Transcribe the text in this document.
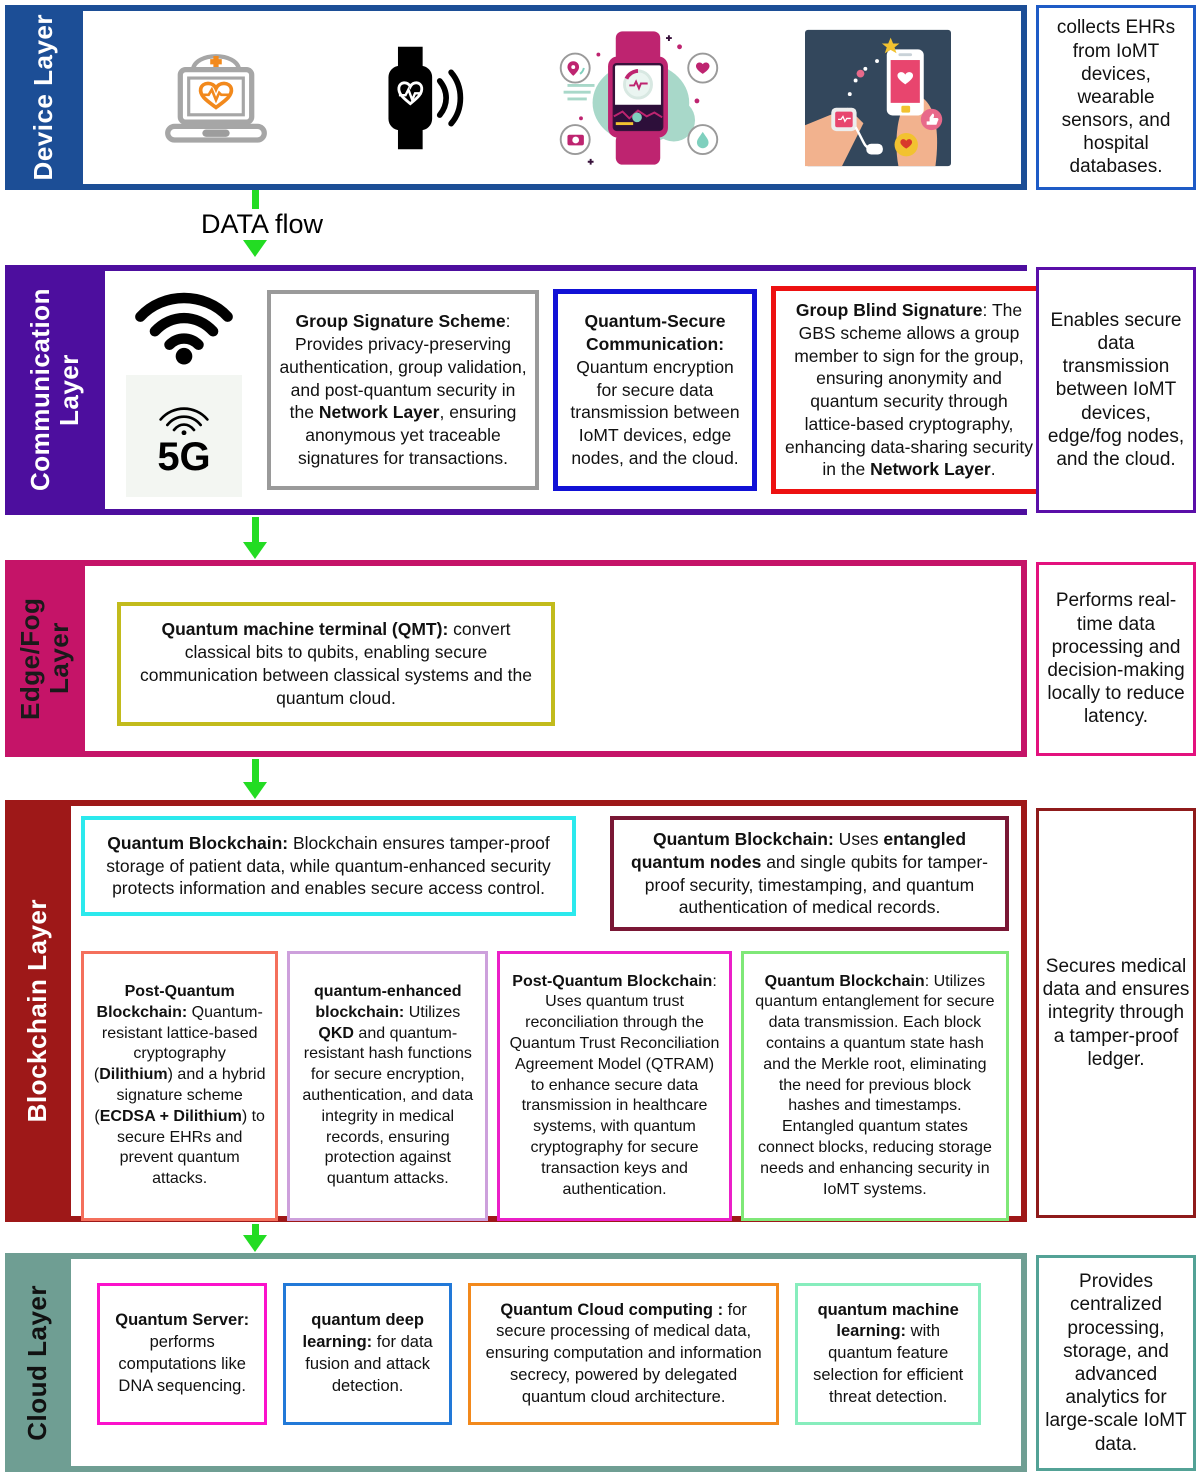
Device Layer
DATA flow
Communication Layer
5G
Group Signature Scheme: Provides privacy-preserving authentication, group validation, and post-quantum security in the Network Layer, ensuring anonymous yet traceable signatures for transactions.
Quantum-Secure Communication: Quantum encryption for secure data transmission between IoMT devices, edge nodes, and the cloud.
Group Blind Signature: The GBS scheme allows a group member to sign for the group, ensuring anonymity and quantum security through lattice-based cryptography, enhancing data-sharing security in the Network Layer.
Edge/Fog Layer	Quantum machine terminal (QMT): convert classical bits to qubits, enabling secure communication between classical systems and the quantum cloud.
Blockchain Layer
Quantum Blockchain: Blockchain ensures tamper-proof storage of patient data, while quantum-enhanced security protects information and enables secure access control.
Quantum Blockchain: Uses entangled quantum nodes and single qubits for tamper-proof security, timestamping, and quantum authentication of medical records.
Post-Quantum Blockchain: Quantum-resistant lattice-based cryptography (Dilithium) and a hybrid signature scheme (ECDSA + Dilithium) to secure EHRs and prevent quantum attacks.
quantum-enhanced blockchain: Utilizes QKD and quantum-resistant hash functions for secure encryption, authentication, and data integrity in medical records, ensuring protection against quantum attacks.
Post-Quantum Blockchain: Uses quantum trust reconciliation through the Quantum Trust Reconciliation Agreement Model (QTRAM) to enhance secure data transmission in healthcare systems, with quantum cryptography for secure transaction keys and authentication.
Quantum Blockchain: Utilizes quantum entanglement for secure data transmission. Each block contains a quantum state hash and the Merkle root, eliminating the need for previous block hashes and timestamps. Entangled quantum states connect blocks, reducing storage needs and enhancing security in IoMT systems.
Cloud Layer	Quantum Server: performs computations like DNA sequencing.
quantum deep learning: for data fusion and attack detection.
Quantum Cloud computing : for secure processing of medical data, ensuring computation and information secrecy, powered by delegated quantum cloud architecture.
quantum machine learning: with quantum feature selection for efficient threat detection.
collects EHRs from IoMT devices, wearable sensors, and hospital databases.
Enables secure data transmission between IoMT devices, edge/fog nodes, and the cloud.
Performs real-time data processing and decision-making locally to reduce latency.
Secures medical data and ensures integrity through a tamper-proof ledger.
Provides centralized processing, storage, and advanced analytics for large-scale IoMT data.
